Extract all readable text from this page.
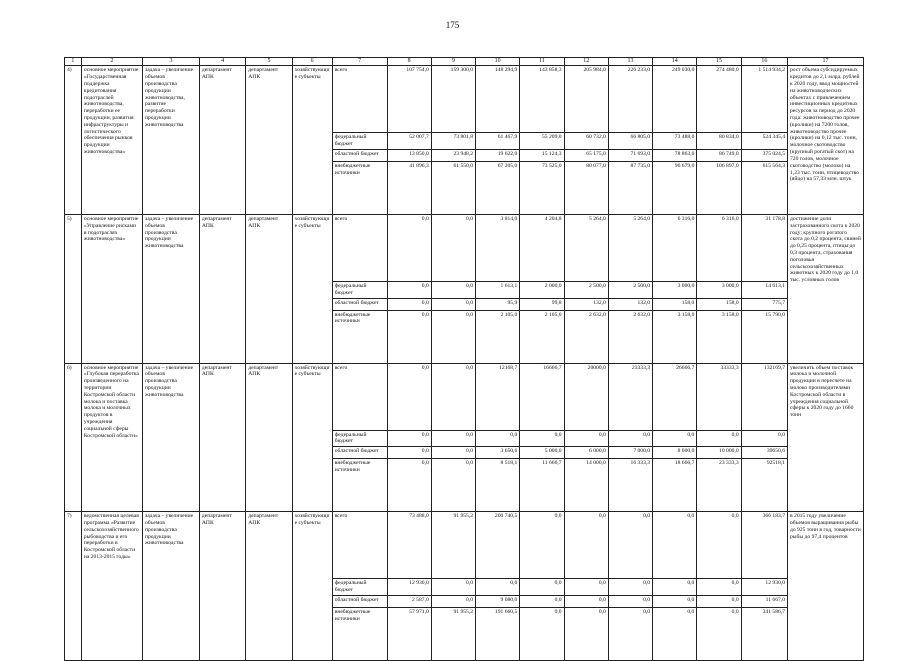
175
1	2	3	4	5	6	7	8	9	10	11	12	13	14	15	16	17
4)	основное мероприятие «Государственная поддержка кредитования подотраслей животноводства, переработки ее продукции, развития инфраструктуры и логистического обеспечения рынков продукции животноводства»	задача – увеличение объемов производства продукции животноводства, развитие переработки продукции животноводства	департамент АПК	департамент АПК	хозяйствующие субъекты	всего	107 754,0	159 300,0	148 294,9	143 858,3	205 984,0	226 233,0	249 030,0	274 480,0	1 514 934,2	рост объема субсидируемых кредитов до 2,1 млрд. рублей к 2020 году, ввод мощностей на животноводческих объектах с привлечением инвестиционных кредитных ресурсов за период до 2020 года: животноводство прочее (кролики) на 7200 голов, животноводство прочее (кролики) на 0,12 тыс. тонн, молочное скотоводство (крупный рогатый скот) на 720 голов, молочное скотоводство (молоко) на 1,23 тыс. тонн, птицеводство (яйцо) на 57,33 млн. штук
						федеральный бюджет	52 007,7	73 801,8	61 467,9	55 209,0	60 732,0	66 805,0	73 488,0	80 834,0	524 345,4	
						областной бюджет	13 850,0	23 948,2	19 622,0	15 124,3	65 175,0	71 693,0	78 863,0	86 749,0	375 024,5	
						внебюджетные источники	41 896,3	61 550,0	67 205,0	73 525,0	80 077,0	87 735,0	96 679,0	106 897,0	615 564,3	
5)	основное мероприятие «Управление рисками в подотраслях животноводства»	задача – увеличение объемов производства продукции животноводства	департамент АПК	департамент АПК	хозяйствующие субъекты	всего	0,0	0,0	3 814,0	4 204,8	5 264,0	5 264,0	6 316,0	6 316,0	31 178,8	достижение доли застрахованного скота к 2020 году: крупного рогатого скота до 0,2 процента, свиней до 0,25 процента, птицы до 0,3 процента, страхования поголовья сельскохозяйственных животных к 2020 году до 1,0 тыс. условных голов
						федеральный бюджет	0,0	0,0	1 613,1	2 000,0	2 500,0	2 500,0	3 000,0	3 000,0	14 613,1	
						областной бюджет	0,0	0,0	95,9	99,8	132,0	132,0	158,0	158,0	775,7	
						внебюджетные источники	0,0	0,0	2 105,0	2 105,0	2 632,0	2 632,0	3 158,0	3 158,0	15 790,0	
6)	основное мероприятие «Глубокая переработка произведенного на территории Костромской области молока и поставка молока и молочных продуктов в учреждения социальной сферы Костромской области»	задача – увеличение объемов производства продукции животноводства	департамент АПК	департамент АПК	хозяйствующие субъекты	всего	0,0	0,0	12168,7	16666,7	20000,0	23333,3	26666,7	33333,3	132169,7	увеличить объем поставок молока и молочной продукции в пересчете на молоко производителями Костромской области в учреждения социальной сферы к 2020 году до 1660 тонн
						федеральный бюджет	0,0	0,0	0,0	0,0	0,0	0,0	0,0	0,0	0,0	
						областной бюджет	0,0	0,0	3 650,6	5 000,0	6 000,0	7 000,0	8 000,0	10 000,0	39650,6	
						внебюджетные источники	0,0	0,0	8 518,1	11 666,7	14 000,0	16 333,3	18 666,7	23 333,3	92518,1	
7)	ведомственная целевая программа «Развитие сельскохозяйственного рыбоводства и его переработки в Костромской области на 2013-2015 годы»	задача – увеличение объемов производства продукции животноводства	департамент АПК	департамент АПК	хозяйствующие субъекты	всего	73 488,0	91 955,2	200 740,5	0,0	0,0	0,0	0,0	0,0	366 183,7	в 2015 году увеличение объемов выращивания рыбы до 925 тонн в год, товарности рыбы до 97,4 процентов
						федеральный бюджет	12 930,0	0,0	0,0	0,0	0,0	0,0	0,0	0,0	12 930,0	
						областной бюджет	2 587,0	0,0	9 080,0	0,0	0,0	0,0	0,0	0,0	11 667,0	
						внебюджетные источники	57 971,0	91 955,2	191 660,5	0,0	0,0	0,0	0,0	0,0	341 586,7	
